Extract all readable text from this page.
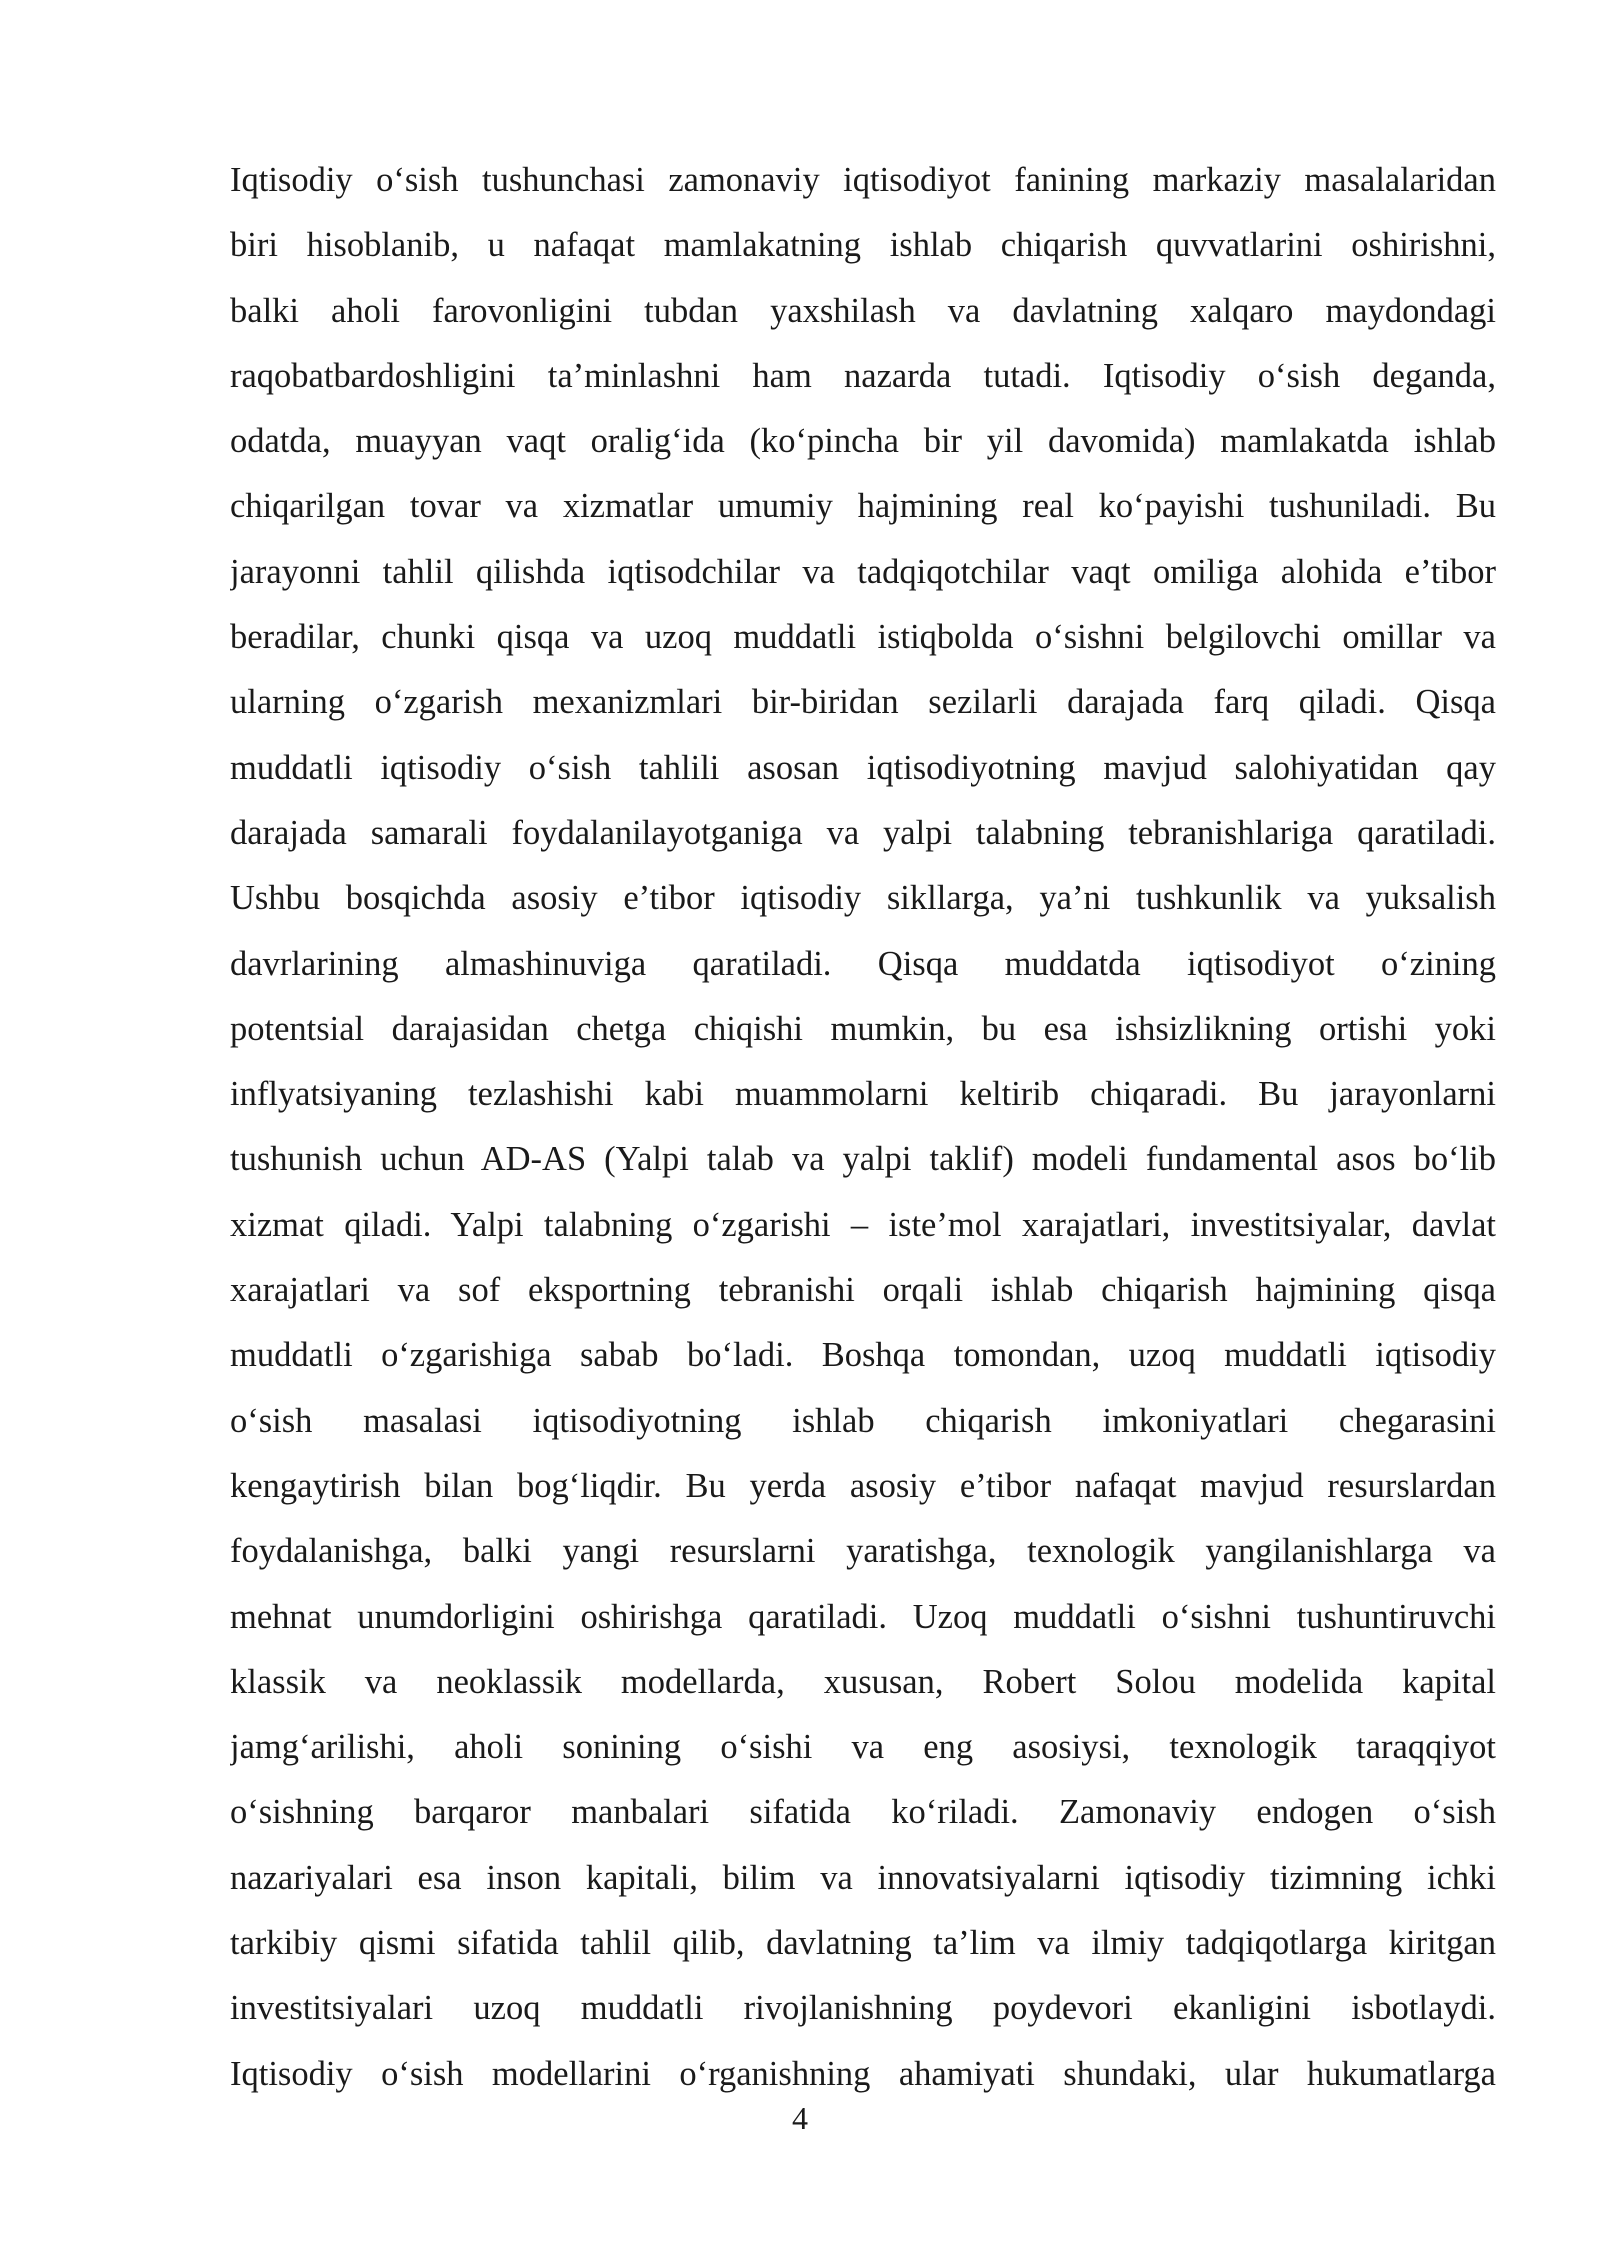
Iqtisodiy o‘sish tushunchasi zamonaviy iqtisodiyot fanining markaziy masalalaridan
biri hisoblanib, u nafaqat mamlakatning ishlab chiqarish quvvatlarini oshirishni,
balki aholi farovonligini tubdan yaxshilash va davlatning xalqaro maydondagi
raqobatbardoshligini ta’minlashni ham nazarda tutadi. Iqtisodiy o‘sish deganda,
odatda, muayyan vaqt oralig‘ida (ko‘pincha bir yil davomida) mamlakatda ishlab
chiqarilgan tovar va xizmatlar umumiy hajmining real ko‘payishi tushuniladi. Bu
jarayonni tahlil qilishda iqtisodchilar va tadqiqotchilar vaqt omiliga alohida e’tibor
beradilar, chunki qisqa va uzoq muddatli istiqbolda o‘sishni belgilovchi omillar va
ularning o‘zgarish mexanizmlari bir-biridan sezilarli darajada farq qiladi. Qisqa
muddatli iqtisodiy o‘sish tahlili asosan iqtisodiyotning mavjud salohiyatidan qay
darajada samarali foydalanilayotganiga va yalpi talabning tebranishlariga qaratiladi.
Ushbu bosqichda asosiy e’tibor iqtisodiy sikllarga, ya’ni tushkunlik va yuksalish
davrlarining almashinuviga qaratiladi. Qisqa muddatda iqtisodiyot o‘zining
potentsial darajasidan chetga chiqishi mumkin, bu esa ishsizlikning ortishi yoki
inflyatsiyaning tezlashishi kabi muammolarni keltirib chiqaradi. Bu jarayonlarni
tushunish uchun AD-AS (Yalpi talab va yalpi taklif) modeli fundamental asos bo‘lib
xizmat qiladi. Yalpi talabning o‘zgarishi – iste’mol xarajatlari, investitsiyalar, davlat
xarajatlari va sof eksportning tebranishi orqali ishlab chiqarish hajmining qisqa
muddatli o‘zgarishiga sabab bo‘ladi. Boshqa tomondan, uzoq muddatli iqtisodiy
o‘sish masalasi iqtisodiyotning ishlab chiqarish imkoniyatlari chegarasini
kengaytirish bilan bog‘liqdir. Bu yerda asosiy e’tibor nafaqat mavjud resurslardan
foydalanishga, balki yangi resurslarni yaratishga, texnologik yangilanishlarga va
mehnat unumdorligini oshirishga qaratiladi. Uzoq muddatli o‘sishni tushuntiruvchi
klassik va neoklassik modellarda, xususan, Robert Solou modelida kapital
jamg‘arilishi, aholi sonining o‘sishi va eng asosiysi, texnologik taraqqiyot
o‘sishning barqaror manbalari sifatida ko‘riladi. Zamonaviy endogen o‘sish
nazariyalari esa inson kapitali, bilim va innovatsiyalarni iqtisodiy tizimning ichki
tarkibiy qismi sifatida tahlil qilib, davlatning ta’lim va ilmiy tadqiqotlarga kiritgan
investitsiyalari uzoq muddatli rivojlanishning poydevori ekanligini isbotlaydi.
Iqtisodiy o‘sish modellarini o‘rganishning ahamiyati shundaki, ular hukumatlarga
4
